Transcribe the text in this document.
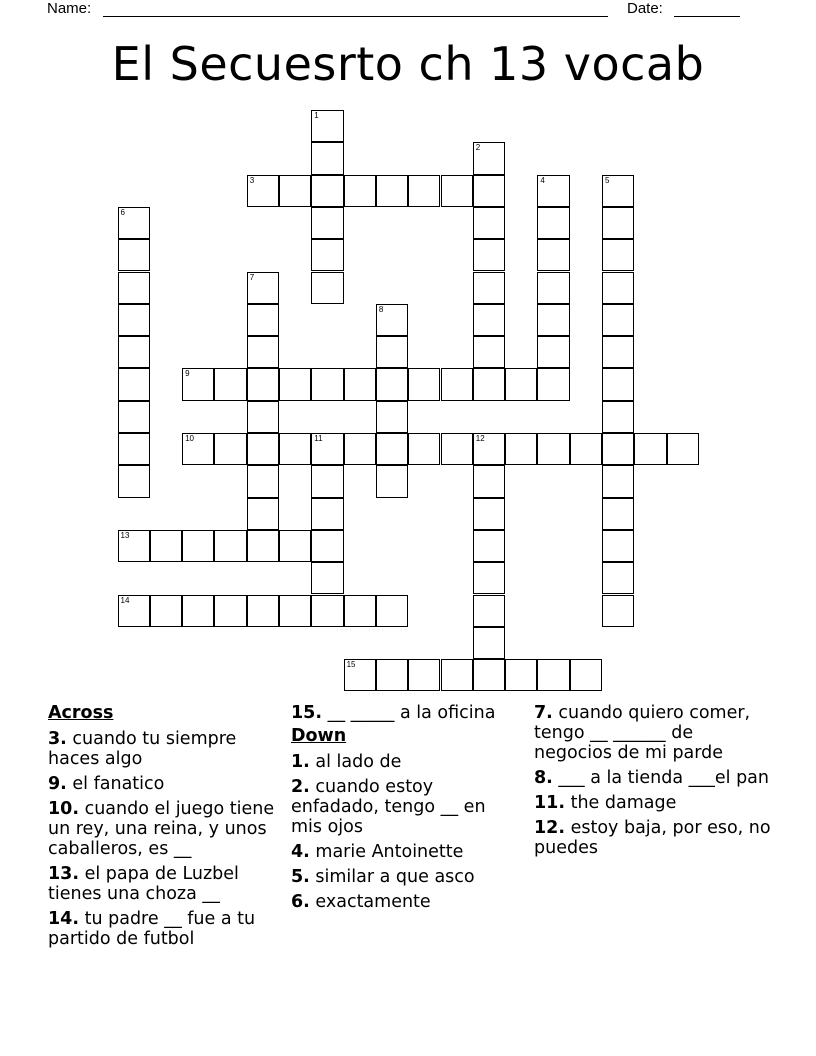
Name:	Date:
El Secuesrto ch 13 vocab
1
2
3	4	5
6
7
8
9
10	11	12
13
14
15
Across
3. cuando tu siempre haces algo
9. el fanatico
10. cuando el juego tiene un rey, una reina, y unos caballeros, es __
13. el papa de Luzbel tienes una choza __
14. tu padre __ fue a tu partido de futbol
15. __ _____ a la oficina
Down
1. al lado de
2. cuando estoy enfadado, tengo __ en mis ojos
4. marie Antoinette
5. similar a que asco
6. exactamente
7. cuando quiero comer, tengo __ ______ de negocios de mi parde
8. ___ a la tienda ___el pan
11. the damage
12. estoy baja, por eso, no puedes
